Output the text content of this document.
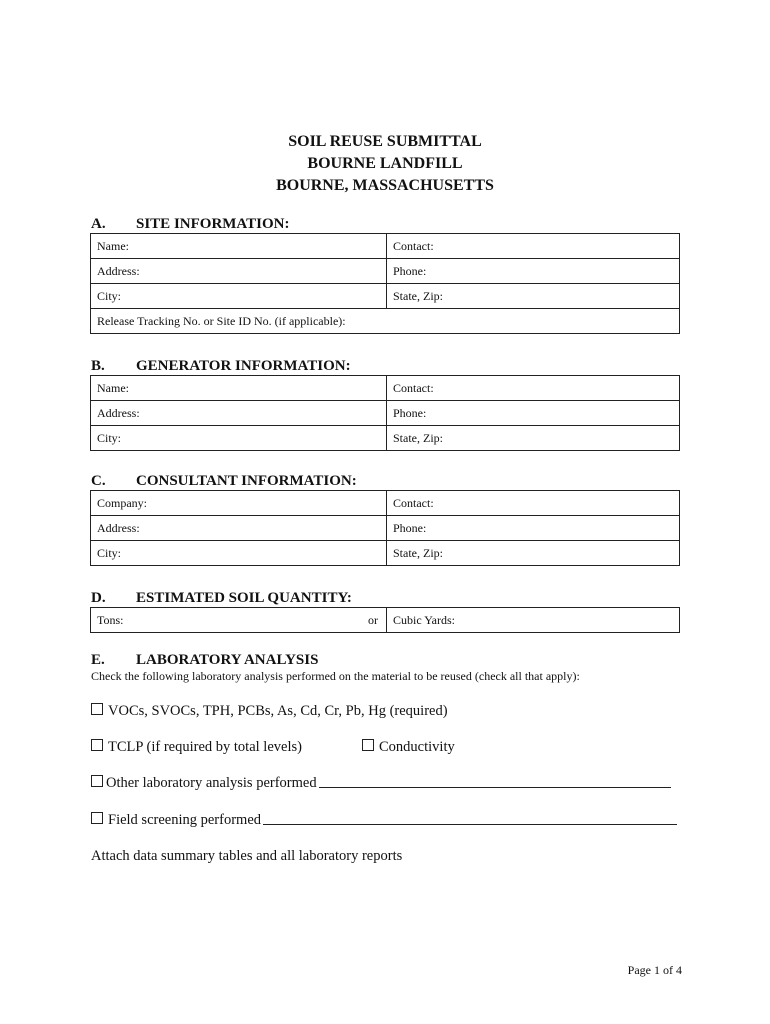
SOIL REUSE SUBMITTAL
BOURNE LANDFILL
BOURNE, MASSACHUSETTS
A. SITE INFORMATION:
Name:	Contact:
Address:	Phone:
City:	State, Zip:
Release Tracking No. or Site ID No. (if applicable):	
B. GENERATOR INFORMATION:
Name:	Contact:
Address:	Phone:
City:	State, Zip:
C. CONSULTANT INFORMATION:
Company:	Contact:
Address:	Phone:
City:	State, Zip:
D. ESTIMATED SOIL QUANTITY:
Tons:	or	Cubic Yards:
E. LABORATORY ANALYSIS
Check the following laboratory analysis performed on the material to be reused (check all that apply):
VOCs, SVOCs, TPH, PCBs, As, Cd, Cr, Pb, Hg (required)
TCLP (if required by total levels)	Conductivity
Other laboratory analysis performed
Field screening performed
Attach data summary tables and all laboratory reports
Page 1 of 4
